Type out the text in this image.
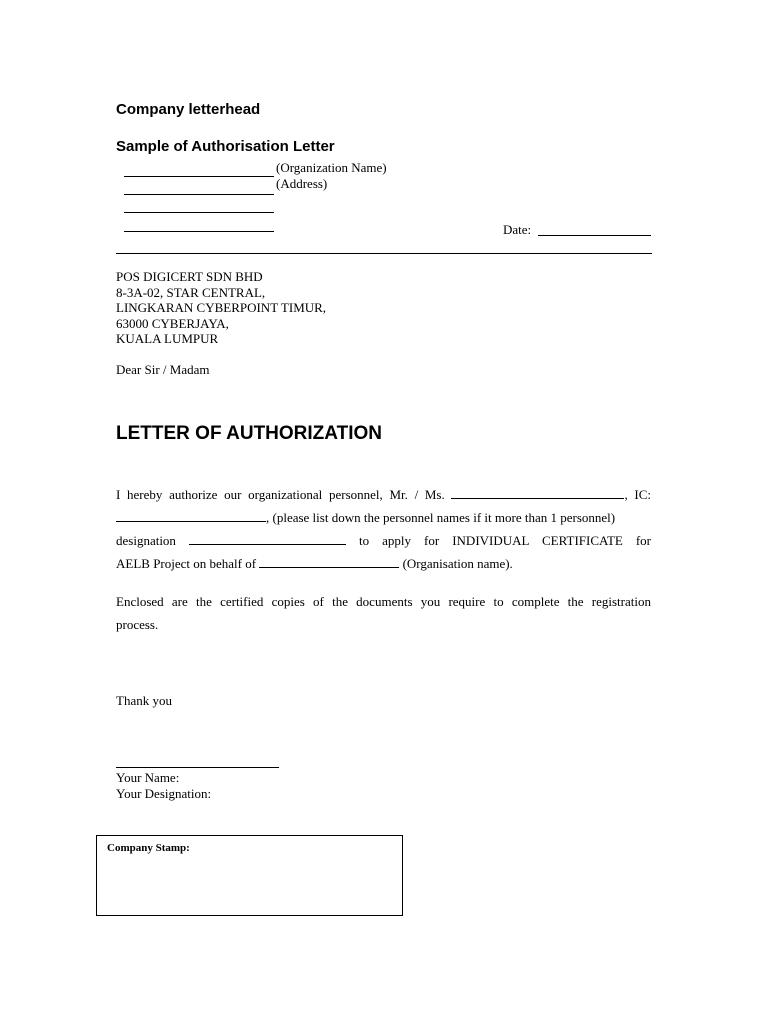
Company letterhead
Sample of Authorisation Letter
(Organization Name)
(Address)
Date:
POS DIGICERT SDN BHD
8-3A-02, STAR CENTRAL,
LINGKARAN CYBERPOINT TIMUR,
63000 CYBERJAYA,
KUALA LUMPUR
Dear Sir / Madam
LETTER OF AUTHORIZATION
I hereby authorize our organizational personnel, Mr. / Ms.	, IC:
, (please list down the personnel names if it more than 1 personnel)
designation	to apply for INDIVIDUAL CERTIFICATE for
AELB Project on behalf of	(Organisation name).
Enclosed are the certified copies of the documents you require to complete the registration
process.
Thank you
Your Name:
Your Designation:
Company Stamp:
